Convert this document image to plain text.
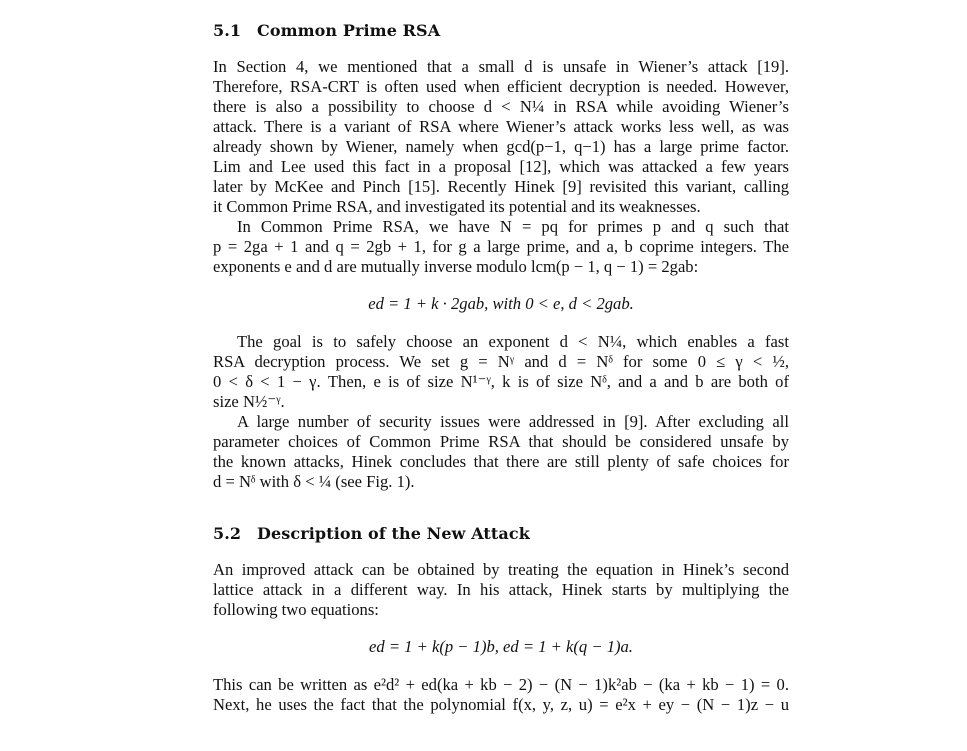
5.1 Common Prime RSA
In Section 4, we mentioned that a small d is unsafe in Wiener’s attack [19].
Therefore, RSA-CRT is often used when efficient decryption is needed. However,
there is also a possibility to choose d < N¼ in RSA while avoiding Wiener’s
attack. There is a variant of RSA where Wiener’s attack works less well, as was
already shown by Wiener, namely when gcd(p−1, q−1) has a large prime factor.
Lim and Lee used this fact in a proposal [12], which was attacked a few years
later by McKee and Pinch [15]. Recently Hinek [9] revisited this variant, calling
it Common Prime RSA, and investigated its potential and its weaknesses.
In Common Prime RSA, we have N = pq for primes p and q such that
p = 2ga + 1 and q = 2gb + 1, for g a large prime, and a, b coprime integers. The
exponents e and d are mutually inverse modulo lcm(p − 1, q − 1) = 2gab:
ed = 1 + k · 2gab, with 0 < e, d < 2gab.
The goal is to safely choose an exponent d < N¼, which enables a fast
RSA decryption process. We set g = Nᵞ and d = Nᵟ for some 0 ≤ γ < ½,
0 < δ < 1 − γ. Then, e is of size N¹⁻ᵞ, k is of size Nᵟ, and a and b are both of
size N½⁻ᵞ.
A large number of security issues were addressed in [9]. After excluding all
parameter choices of Common Prime RSA that should be considered unsafe by
the known attacks, Hinek concludes that there are still plenty of safe choices for
d = Nᵟ with δ < ¼ (see Fig. 1).
5.2 Description of the New Attack
An improved attack can be obtained by treating the equation in Hinek’s second
lattice attack in a different way. In his attack, Hinek starts by multiplying the
following two equations:
ed = 1 + k(p − 1)b, ed = 1 + k(q − 1)a.
This can be written as e²d² + ed(ka + kb − 2) − (N − 1)k²ab − (ka + kb − 1) = 0.
Next, he uses the fact that the polynomial f(x, y, z, u) = e²x + ey − (N − 1)z − u
